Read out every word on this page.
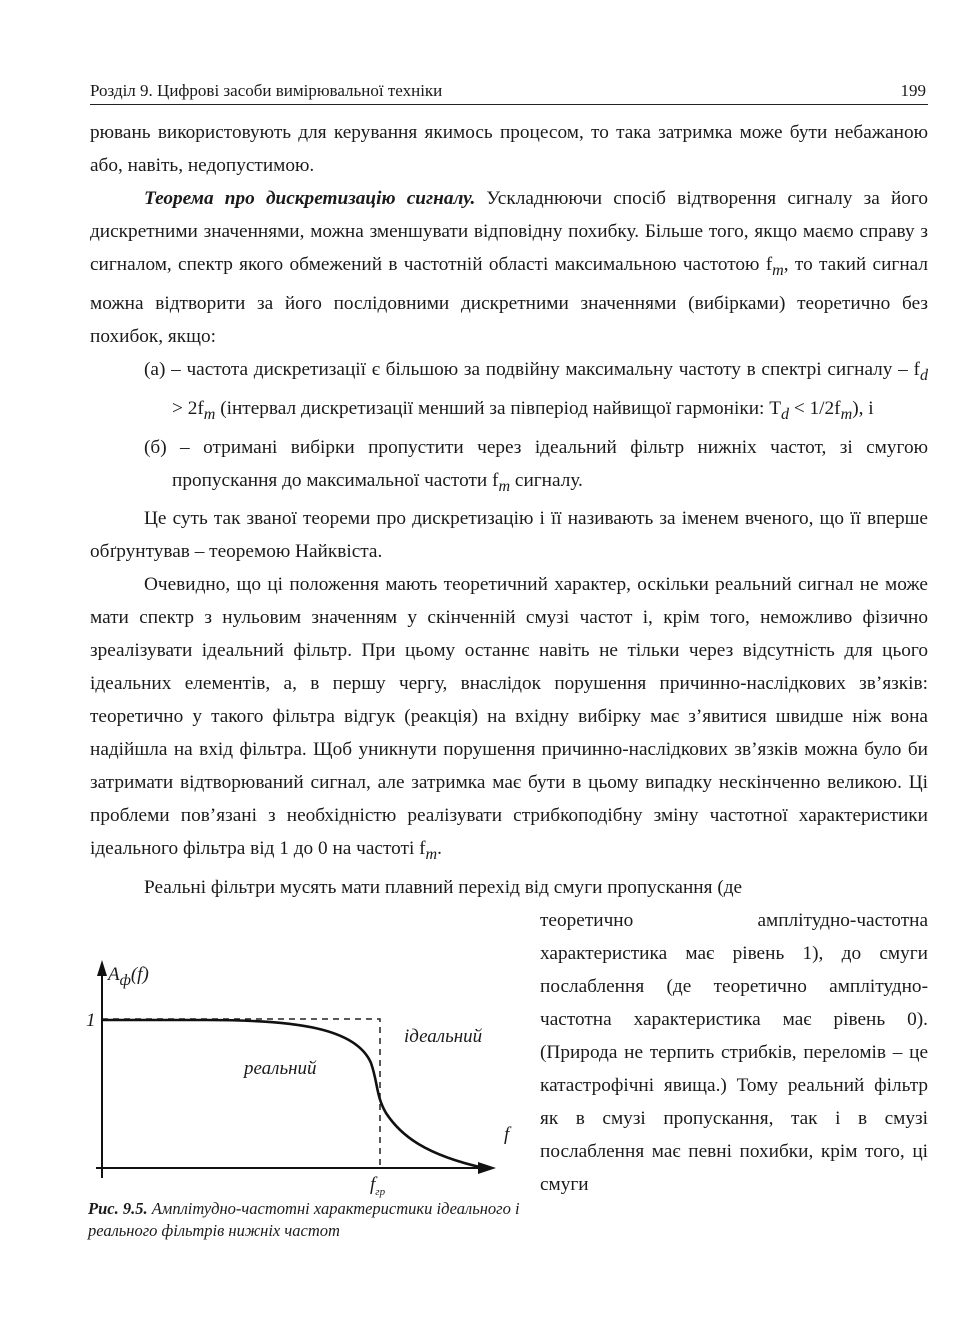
Розділ 9. Цифрові засоби вимірювальної техніки	199

рювань використовують для керування якимось процесом, то така затримка може бути небажаною або, навіть, недопустимою.

Теорема про дискретизацію сигналу. Ускладнюючи спосіб відтворення сигналу за його дискретними значеннями, можна зменшувати відповідну похибку. Більше того, якщо маємо справу з сигналом, спектр якого обмежений в частотній області максимальною частотою $f_m$, то такий сигнал можна відтворити за його послідовними дискретними значеннями (вибірками) теоретично без похибок, якщо:

(а) – частота дискретизації є більшою за подвійну максимальну частоту в спектрі сигналу – $f_d > 2f_m$ (інтервал дискретизації менший за півперіод найвищої гармоніки: $T_d < 1/2f_m$), і

(б) – отримані вибірки пропустити через ідеальний фільтр нижніх частот, зі смугою пропускання до максимальної частоти $f_m$ сигналу.

Це суть так званої теореми про дискретизацію і її називають за іменем вченого, що її вперше обґрунтував – теоремою Найквіста.

Очевидно, що ці положення мають теоретичний характер, оскільки реальний сигнал не може мати спектр з нульовим значенням у скінченній смузі частот і, крім того, неможливо фізично зреалізувати ідеальний фільтр. При цьому останнє навіть не тільки через відсутність для цього ідеальних елементів, а, в першу чергу, внаслідок порушення причинно-наслідкових зв’язків: теоретично у такого фільтра відгук (реакція) на вхідну вибірку має з’явитися швидше ніж вона надійшла на вхід фільтра. Щоб уникнути порушення причинно-наслідкових зв’язків можна було би затримати відтворюваний сигнал, але затримка має бути в цьому випадку нескінченно великою. Ці проблеми пов’язані з необхідністю реалізувати стрибкоподібну зміну частотної характеристики ідеального фільтра від 1 до 0 на частоті $f_m$.

Реальні фільтри мусять мати плавний перехід від смуги пропускання (де

теоретично амплітудно-частотна характеристика має рівень 1), до смуги послаблення (де теоретично амплітудно-частотна характеристика має рівень 0). (Природа не терпить стрибків, переломів – це катастрофічні явища.) Тому реальний фільтр як в смузі пропускання, так і в смузі послаблення має певні похибки, крім того, ці смуги
$A_ф(f)$
1
ідеальний
реальний
f
$f_{гр}$
Рис. 9.5. Амплітудно-частотні характеристики ідеального і реального фільтрів нижніх частот
